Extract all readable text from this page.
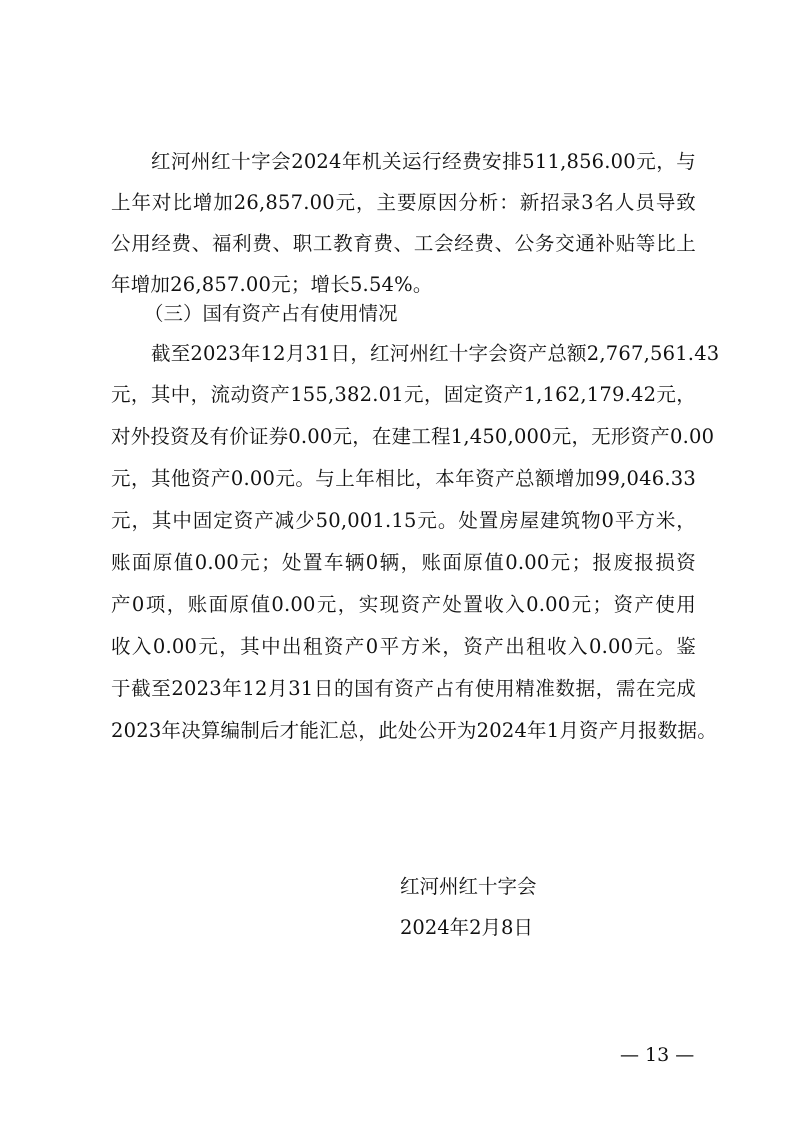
红河州红十字会2024年机关运行经费安排511,856.00元，与
上年对比增加26,857.00元，主要原因分析：新招录3名人员导致
公用经费、福利费、职工教育费、工会经费、公务交通补贴等比上
年增加26,857.00元；增长5.54%。
（三）国有资产占有使用情况
截至2023年12月31日，红河州红十字会资产总额2,767,561.43
元，其中，流动资产155,382.01元，固定资产1,162,179.42元，
对外投资及有价证券0.00元，在建工程1,450,000元，无形资产0.00
元，其他资产0.00元。与上年相比，本年资产总额增加99,046.33
元，其中固定资产减少50,001.15元。处置房屋建筑物0平方米，
账面原值0.00元；处置车辆0辆，账面原值0.00元；报废报损资
产0项，账面原值0.00元，实现资产处置收入0.00元；资产使用
收入0.00元，其中出租资产0平方米，资产出租收入0.00元。鉴
于截至2023年12月31日的国有资产占有使用精准数据，需在完成
2023年决算编制后才能汇总，此处公开为2024年1月资产月报数据。
红河州红十字会
2024年2月8日
— 13 —
